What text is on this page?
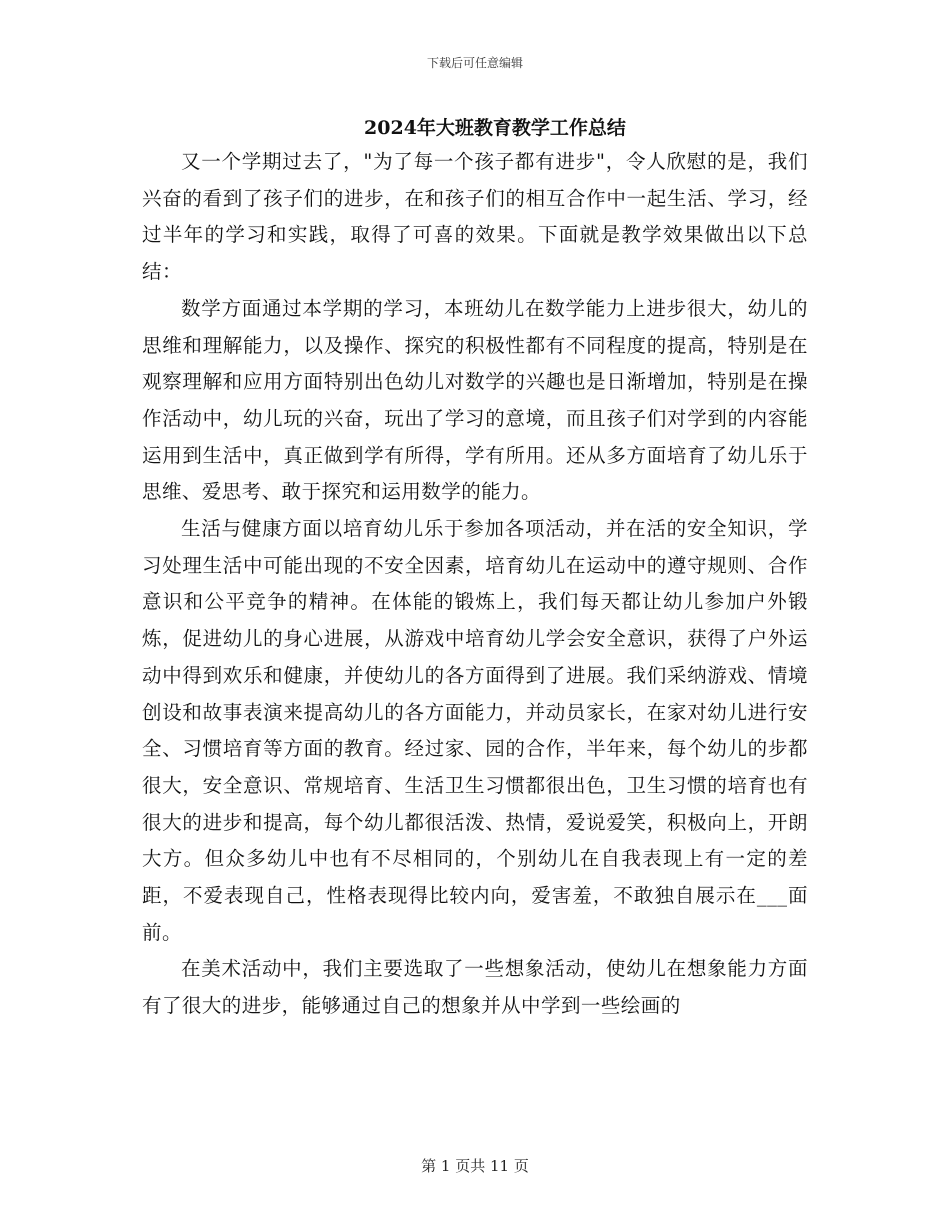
下载后可任意编辑
2024年大班教育教学工作总结

又一个学期过去了，"为了每一个孩子都有进步"，令人欣慰的是，我们兴奋的看到了孩子们的进步，在和孩子们的相互合作中一起生活、学习，经过半年的学习和实践，取得了可喜的效果。下面就是教学效果做出以下总结：

数学方面通过本学期的学习，本班幼儿在数学能力上进步很大，幼儿的思维和理解能力，以及操作、探究的积极性都有不同程度的提高，特别是在观察理解和应用方面特别出色幼儿对数学的兴趣也是日渐增加，特别是在操作活动中，幼儿玩的兴奋，玩出了学习的意境，而且孩子们对学到的内容能运用到生活中，真正做到学有所得，学有所用。还从多方面培育了幼儿乐于思维、爱思考、敢于探究和运用数学的能力。

生活与健康方面以培育幼儿乐于参加各项活动，并在活的安全知识，学习处理生活中可能出现的不安全因素，培育幼儿在运动中的遵守规则、合作意识和公平竞争的精神。在体能的锻炼上，我们每天都让幼儿参加户外锻炼，促进幼儿的身心进展，从游戏中培育幼儿学会安全意识，获得了户外运动中得到欢乐和健康，并使幼儿的各方面得到了进展。我们采纳游戏、情境创设和故事表演来提高幼儿的各方面能力，并动员家长，在家对幼儿进行安全、习惯培育等方面的教育。经过家、园的合作，半年来，每个幼儿的步都很大，安全意识、常规培育、生活卫生习惯都很出色，卫生习惯的培育也有很大的进步和提高，每个幼儿都很活泼、热情，爱说爱笑，积极向上，开朗大方。但众多幼儿中也有不尽相同的，个别幼儿在自我表现上有一定的差距，不爱表现自己，性格表现得比较内向，爱害羞，不敢独自展示在___面前。

在美术活动中，我们主要选取了一些想象活动，使幼儿在想象能力方面有了很大的进步，能够通过自己的想象并从中学到一些绘画的

第 1 页共 11 页
